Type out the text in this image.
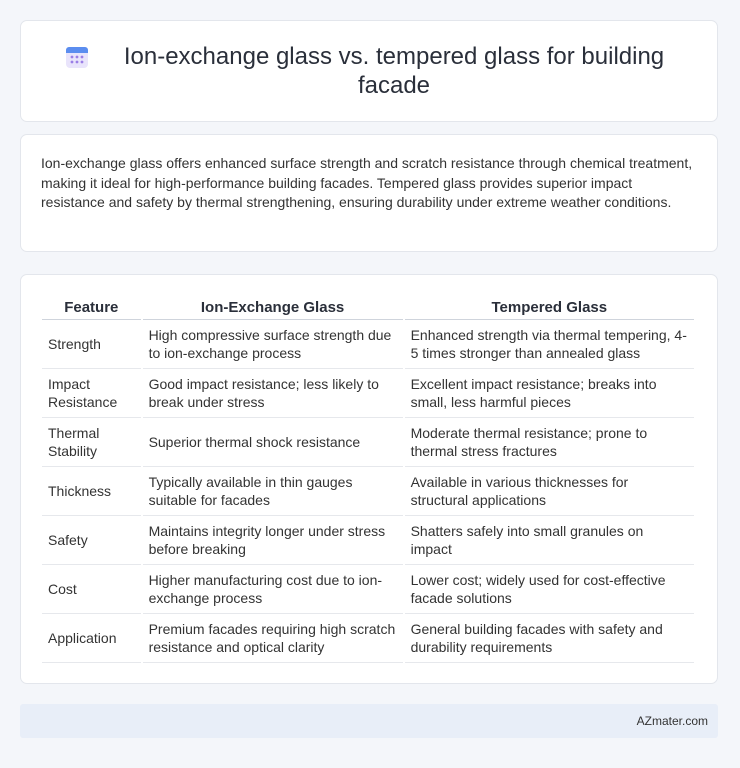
Ion-exchange glass vs. tempered glass for building facade
Ion-exchange glass offers enhanced surface strength and scratch resistance through chemical treatment, making it ideal for high-performance building facades. Tempered glass provides superior impact resistance and safety by thermal strengthening, ensuring durability under extreme weather conditions.
Feature	Ion-Exchange Glass	Tempered Glass
Strength	High compressive surface strength due to ion-exchange process	Enhanced strength via thermal tempering, 4-5 times stronger than annealed glass
Impact Resistance	Good impact resistance; less likely to break under stress	Excellent impact resistance; breaks into small, less harmful pieces
Thermal Stability	Superior thermal shock resistance	Moderate thermal resistance; prone to thermal stress fractures
Thickness	Typically available in thin gauges suitable for facades	Available in various thicknesses for structural applications
Safety	Maintains integrity longer under stress before breaking	Shatters safely into small granules on impact
Cost	Higher manufacturing cost due to ion-exchange process	Lower cost; widely used for cost-effective facade solutions
Application	Premium facades requiring high scratch resistance and optical clarity	General building facades with safety and durability requirements
AZmater.com
